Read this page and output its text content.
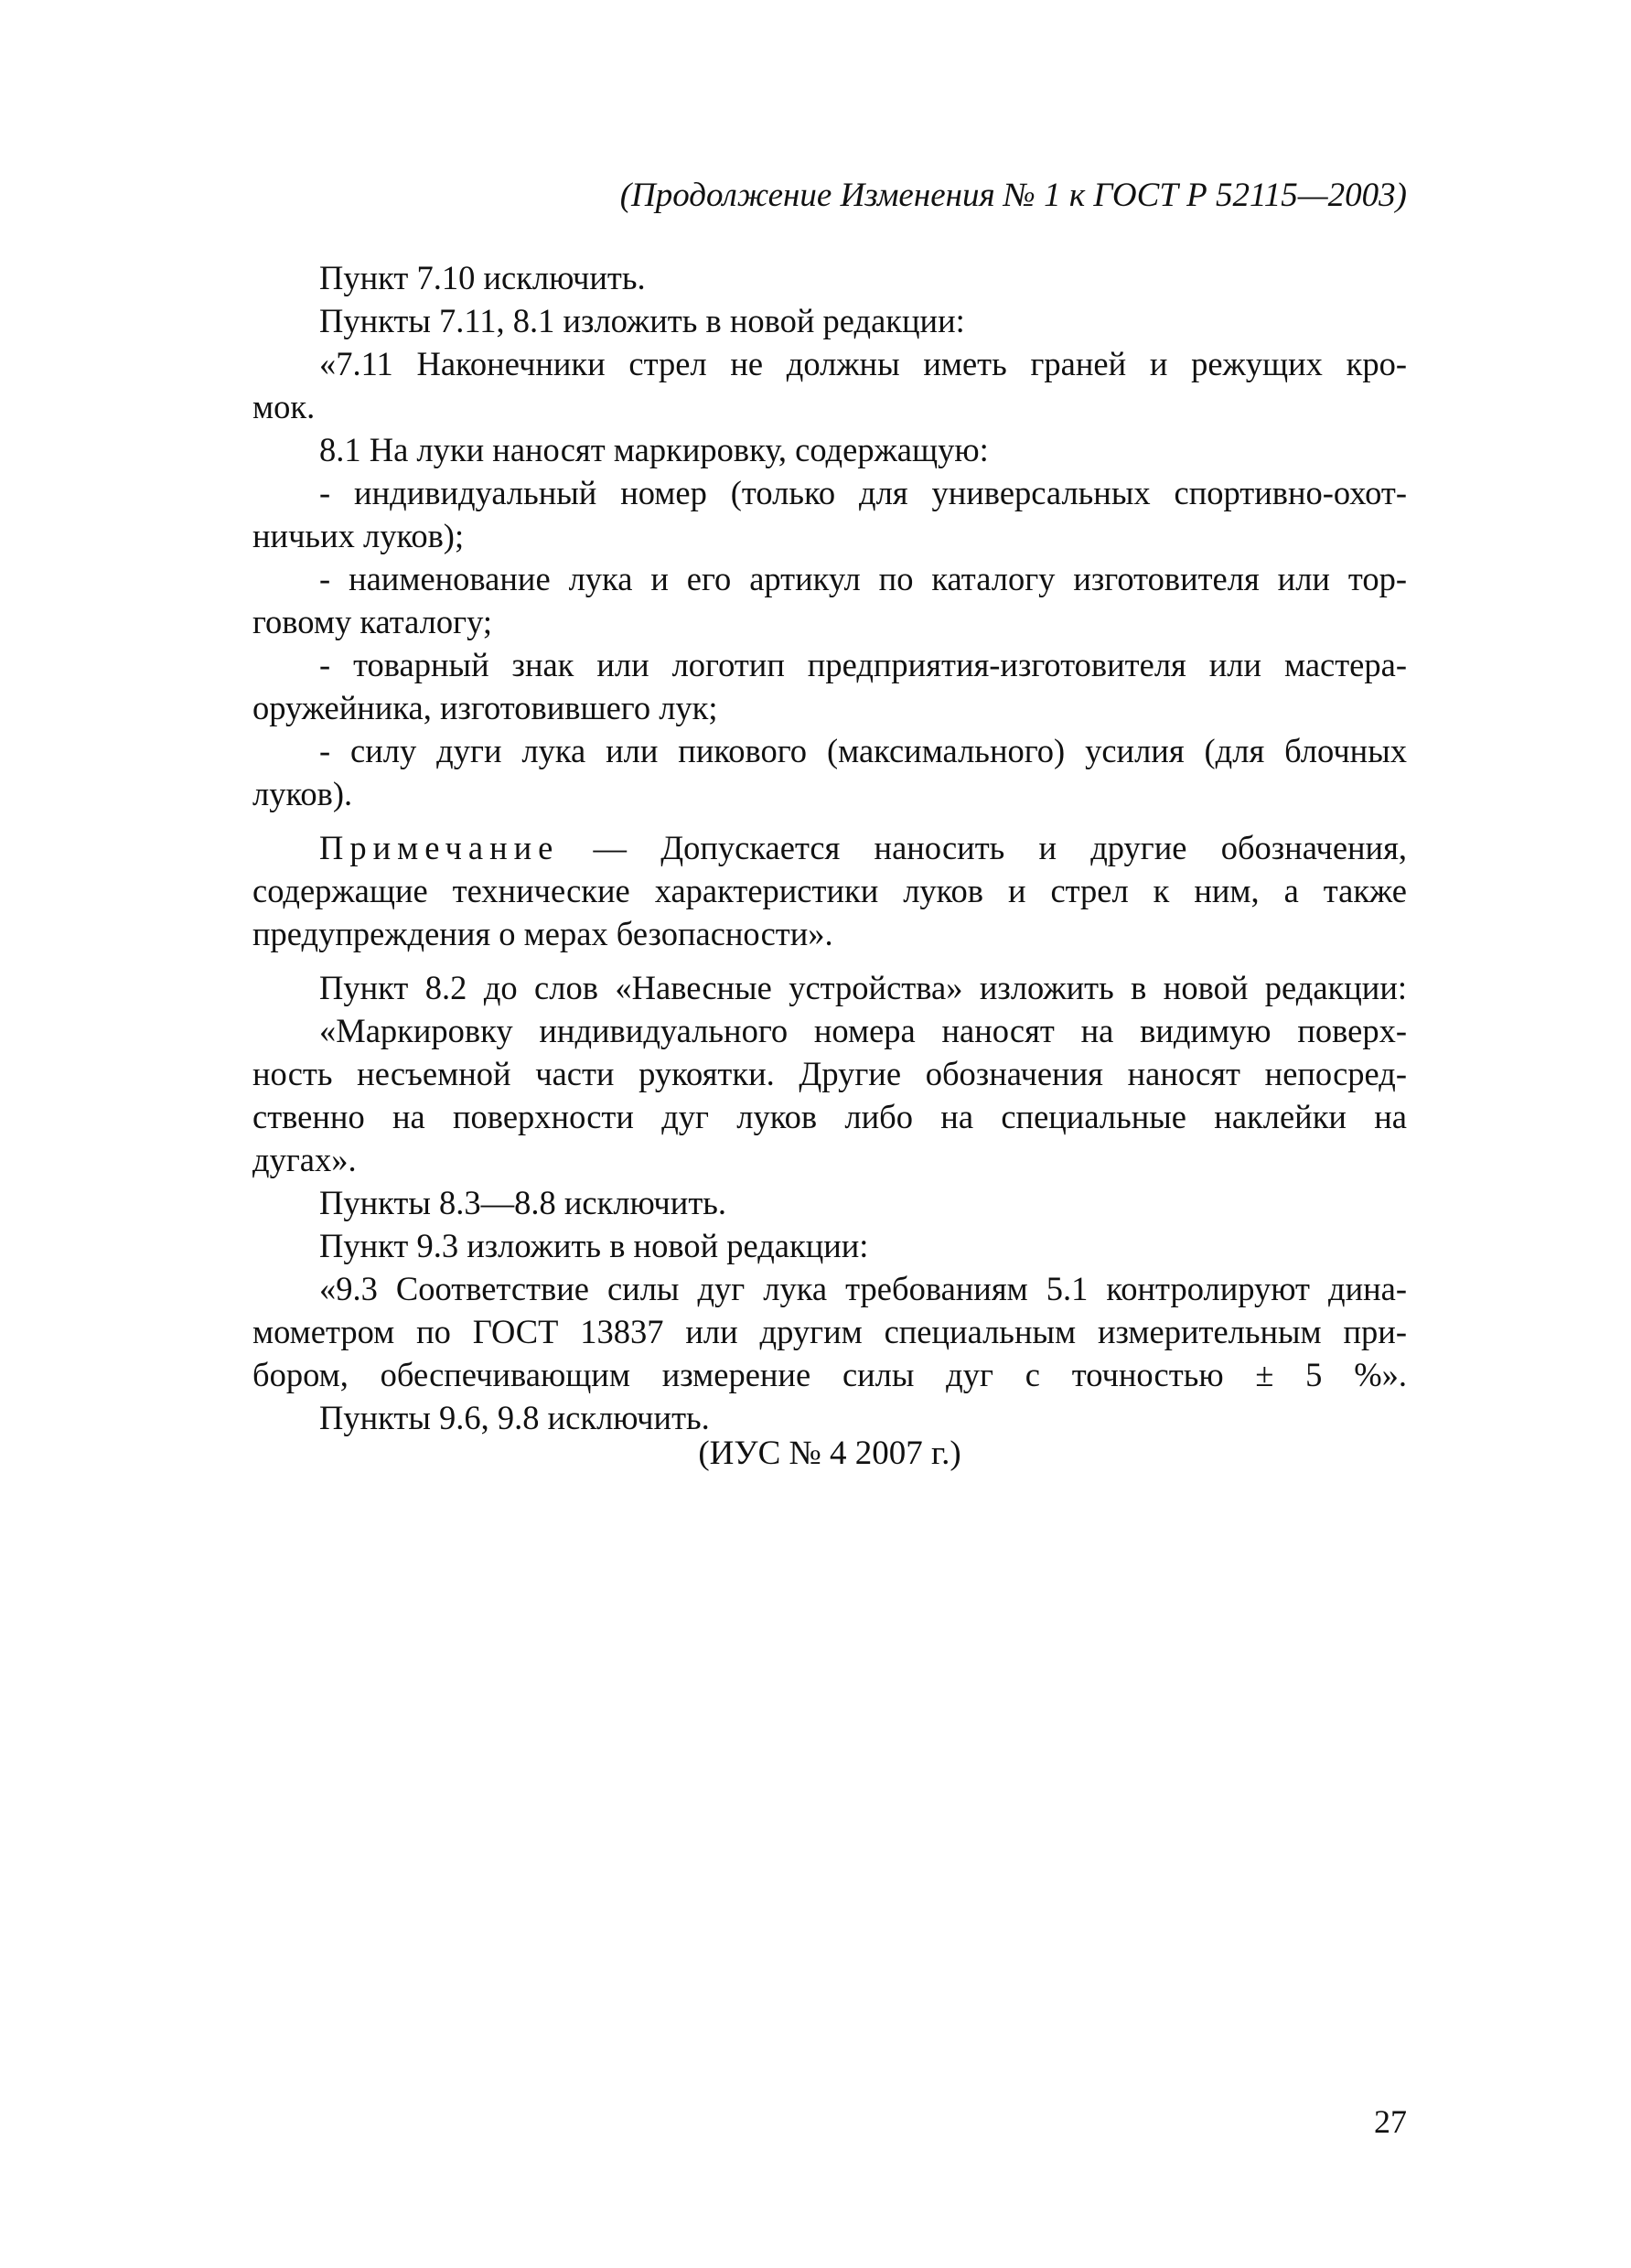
(Продолжение Изменения № 1 к ГОСТ Р 52115—2003)
Пункт 7.10 исключить.
Пункты 7.11, 8.1 изложить в новой редакции:
«7.11 Наконечники стрел не должны иметь граней и режущих кро-
мок.
8.1 На луки наносят маркировку, содержащую:
- индивидуальный номер (только для универсальных спортивно-охот-
ничьих луков);
- наименование лука и его артикул по каталогу изготовителя или тор-
говому каталогу;
- товарный знак или логотип предприятия-изготовителя или мастера-
оружейника, изготовившего лук;
- силу дуги лука или пикового (максимального) усилия (для блочных
луков).
Примечание — Допускается наносить и другие обозначения,
содержащие технические характеристики луков и стрел к ним, а также
предупреждения о мерах безопасности».
Пункт 8.2 до слов «Навесные устройства» изложить в новой редакции:
«Маркировку индивидуального номера наносят на видимую поверх-
ность несъемной части рукоятки. Другие обозначения наносят непосред-
ственно на поверхности дуг луков либо на специальные наклейки на
дугах».
Пункты 8.3—8.8 исключить.
Пункт 9.3 изложить в новой редакции:
«9.3 Соответствие силы дуг лука требованиям 5.1 контролируют дина-
мометром по ГОСТ 13837 или другим специальным измерительным при-
бором, обеспечивающим измерение силы дуг с точностью ± 5 %».
Пункты 9.6, 9.8 исключить.
(ИУС № 4 2007 г.)
27
